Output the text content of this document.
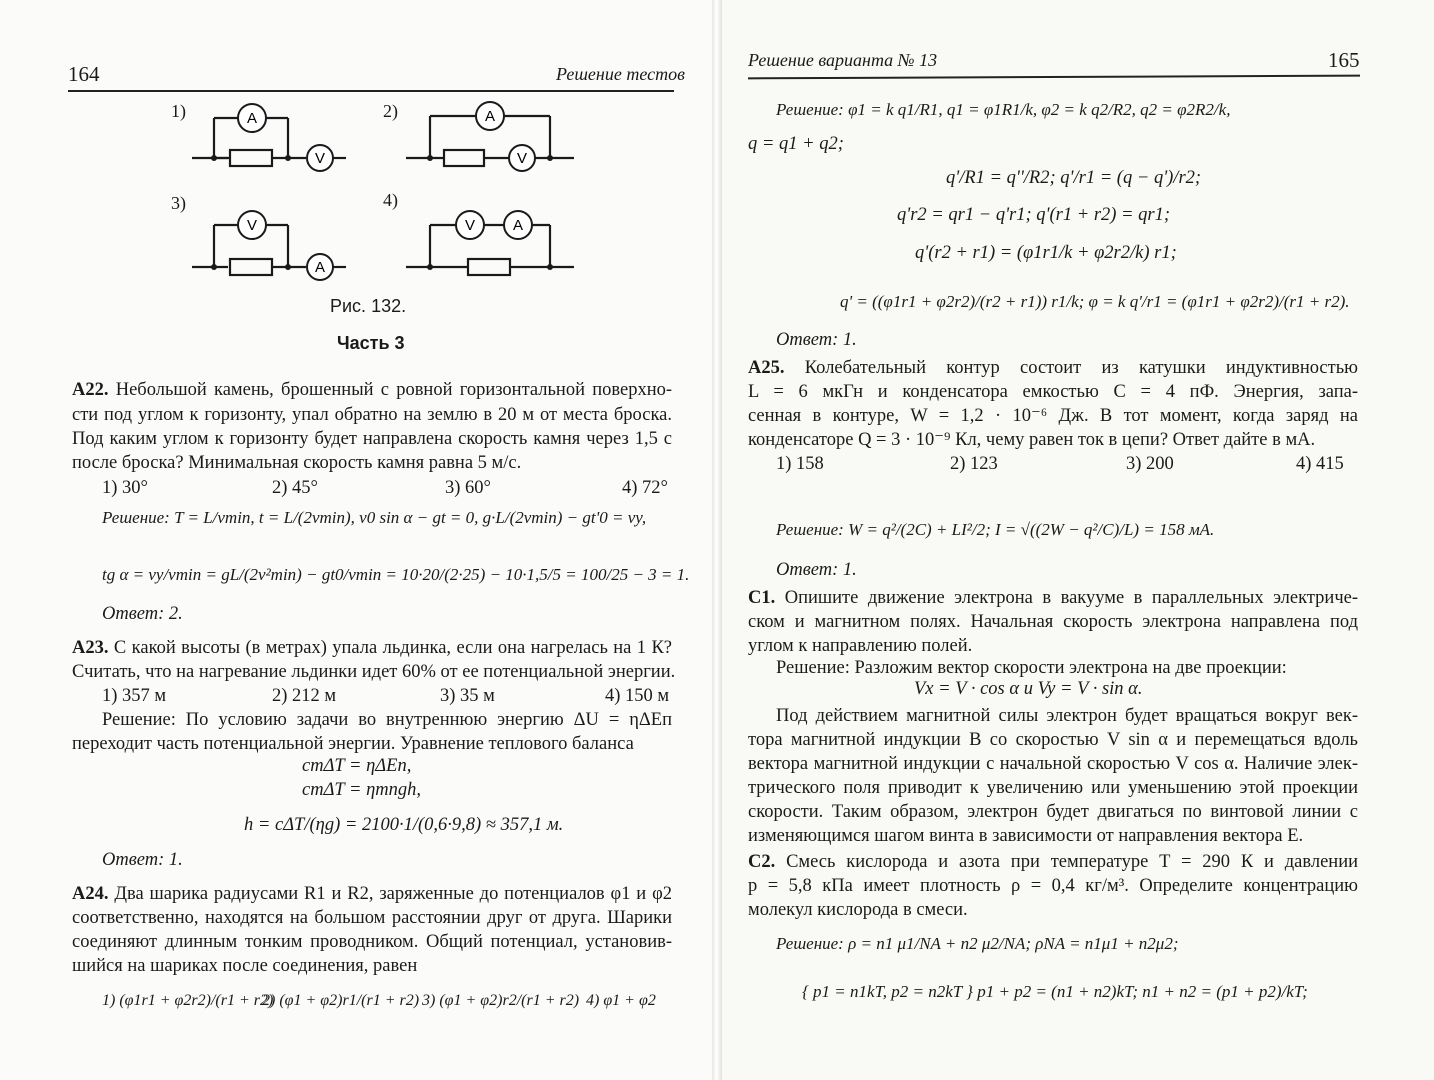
164	Решение тестов
1)	A
V
2)	A
V
3)
V
A
4)
V	A
Рис. 132.
Часть 3
A22. Небольшой камень, брошенный с ровной горизонтальной поверхно-
сти под углом к горизонту, упал обратно на землю в 20 м от места броска.
Под каким углом к горизонту будет направлена скорость камня через 1,5 с
после броска? Минимальная скорость камня равна 5 м/с.
1) 30°	2) 45°	3) 60°	4) 72°
Решение: T = L/vmin, t = L/(2vmin), v0 sin α − gt = 0, g·L/(2vmin) − gt'0 = vy,
tg α = vy/vmin = gL/(2v²min) − gt0/vmin = 10·20/(2·25) − 10·1,5/5 = 100/25 − 3 = 1.
Ответ: 2.
A23. С какой высоты (в метрах) упала льдинка, если она нагрелась на 1 К?
Считать, что на нагревание льдинки идет 60% от ее потенциальной энергии.
1) 357 м	2) 212 м	3) 35 м	4) 150 м
Решение: По условию задачи во внутреннюю энергию ΔU = ηΔEп
переходит часть потенциальной энергии. Уравнение теплового баланса
cmΔT = ηΔEп,
cmΔT = ηmпgh,
h = cΔT/(ηg) = 2100·1/(0,6·9,8) ≈ 357,1 м.
Ответ: 1.
A24. Два шарика радиусами R1 и R2, заряженные до потенциалов φ1 и φ2
соответственно, находятся на большом расстоянии друг от друга. Шарики
соединяют длинным тонким проводником. Общий потенциал, установив-
шийся на шариках после соединения, равен
1) (φ1r1 + φ2r2)/(r1 + r2)
2) (φ1 + φ2)r1/(r1 + r2) 3) (φ1 + φ2)r2/(r1 + r2) 4) φ1 + φ2
Решение варианта № 13	165
Решение: φ1 = k q1/R1, q1 = φ1R1/k, φ2 = k q2/R2, q2 = φ2R2/k,
q = q1 + q2;
q'/R1 = q''/R2; q'/r1 = (q − q')/r2;
q'r2 = qr1 − q'r1; q'(r1 + r2) = qr1;
q'(r2 + r1) = (φ1r1/k + φ2r2/k) r1;
q' = ((φ1r1 + φ2r2)/(r2 + r1)) r1/k; φ = k q'/r1 = (φ1r1 + φ2r2)/(r1 + r2).
Ответ: 1.
A25. Колебательный контур состоит из катушки индуктивностью
L = 6 мкГн и конденсатора емкостью C = 4 пФ. Энергия, запа-
сенная в контуре, W = 1,2 · 10⁻⁶ Дж. В тот момент, когда заряд на
конденсаторе Q = 3 · 10⁻⁹ Кл, чему равен ток в цепи? Ответ дайте в мА.
1) 158	2) 123	3) 200	4) 415
Решение: W = q²/(2C) + LI²/2; I = √((2W − q²/C)/L) = 158 мА.
Ответ: 1.
C1. Опишите движение электрона в вакууме в параллельных электриче-
ском и магнитном полях. Начальная скорость электрона направлена под
углом к направлению полей.
Решение: Разложим вектор скорости электрона на две проекции:
Vx = V · cos α и Vy = V · sin α.
Под действием магнитной силы электрон будет вращаться вокруг век-
тора магнитной индукции B со скоростью V sin α и перемещаться вдоль
вектора магнитной индукции с начальной скоростью V cos α. Наличие элек-
трического поля приводит к увеличению или уменьшению этой проекции
скорости. Таким образом, электрон будет двигаться по винтовой линии с
изменяющимся шагом винта в зависимости от направления вектора E.
C2. Смесь кислорода и азота при температуре T = 290 К и давлении
p = 5,8 кПа имеет плотность ρ = 0,4 кг/м³. Определите концентрацию
молекул кислорода в смеси.
Решение: ρ = n1 μ1/NA + n2 μ2/NA; ρNA = n1μ1 + n2μ2;
{ p1 = n1kT, p2 = n2kT } p1 + p2 = (n1 + n2)kT; n1 + n2 = (p1 + p2)/kT;
